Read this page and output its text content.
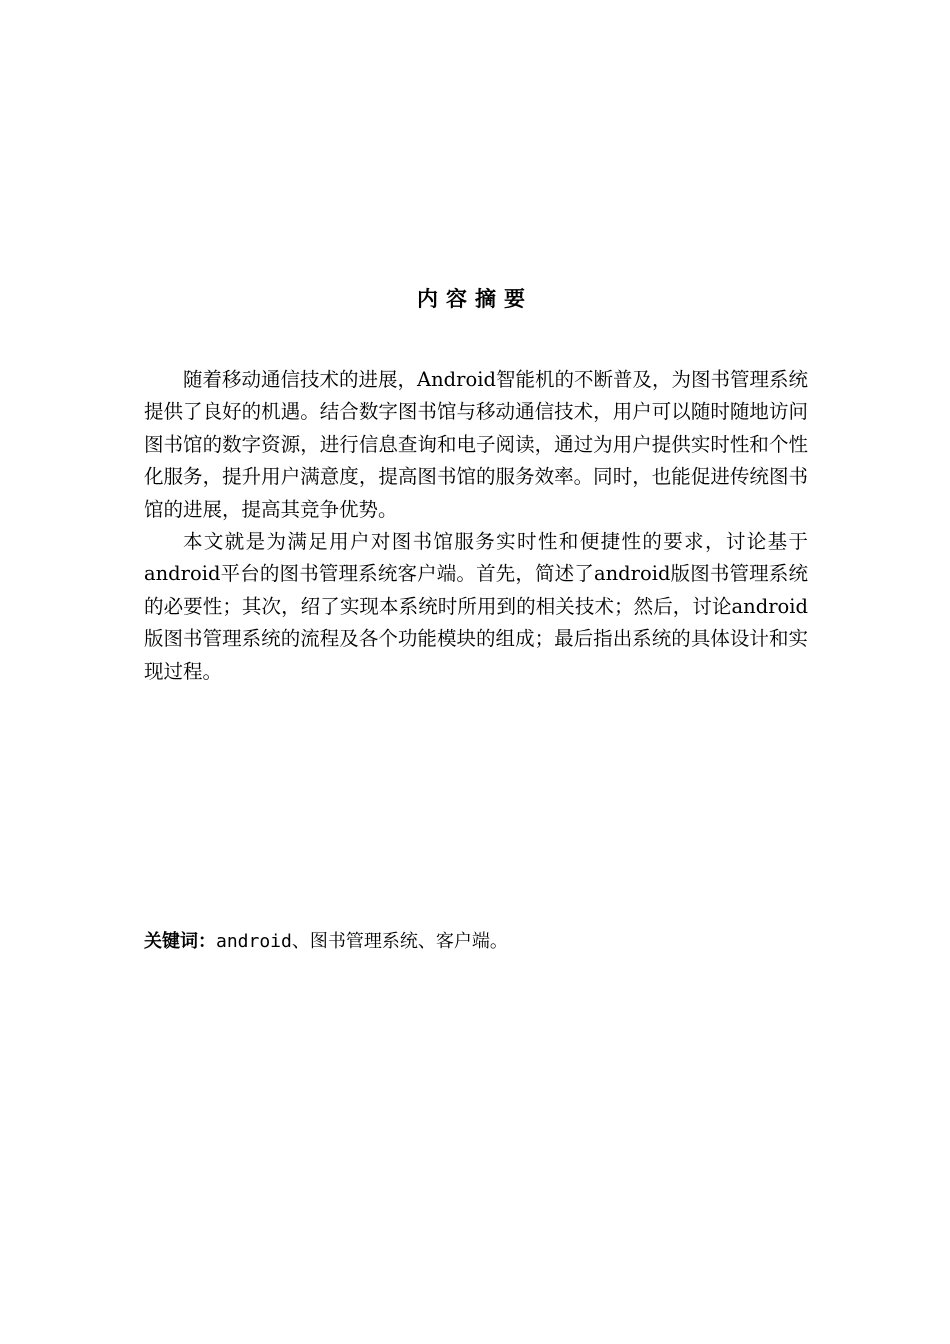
内容摘要

随着移动通信技术的进展，Android智能机的不断普及，为图书管理系统提供了良好的机遇。结合数字图书馆与移动通信技术，用户可以随时随地访问图书馆的数字资源，进行信息查询和电子阅读，通过为用户提供实时性和个性化服务，提升用户满意度，提高图书馆的服务效率。同时，也能促进传统图书馆的进展，提高其竞争优势。

本文就是为满足用户对图书馆服务实时性和便捷性的要求，讨论基于android平台的图书管理系统客户端。首先，简述了android版图书管理系统的必要性；其次，绍了实现本系统时所用到的相关技术；然后，讨论android版图书管理系统的流程及各个功能模块的组成；最后指出系统的具体设计和实现过程。

关键词：android、图书管理系统、客户端。
